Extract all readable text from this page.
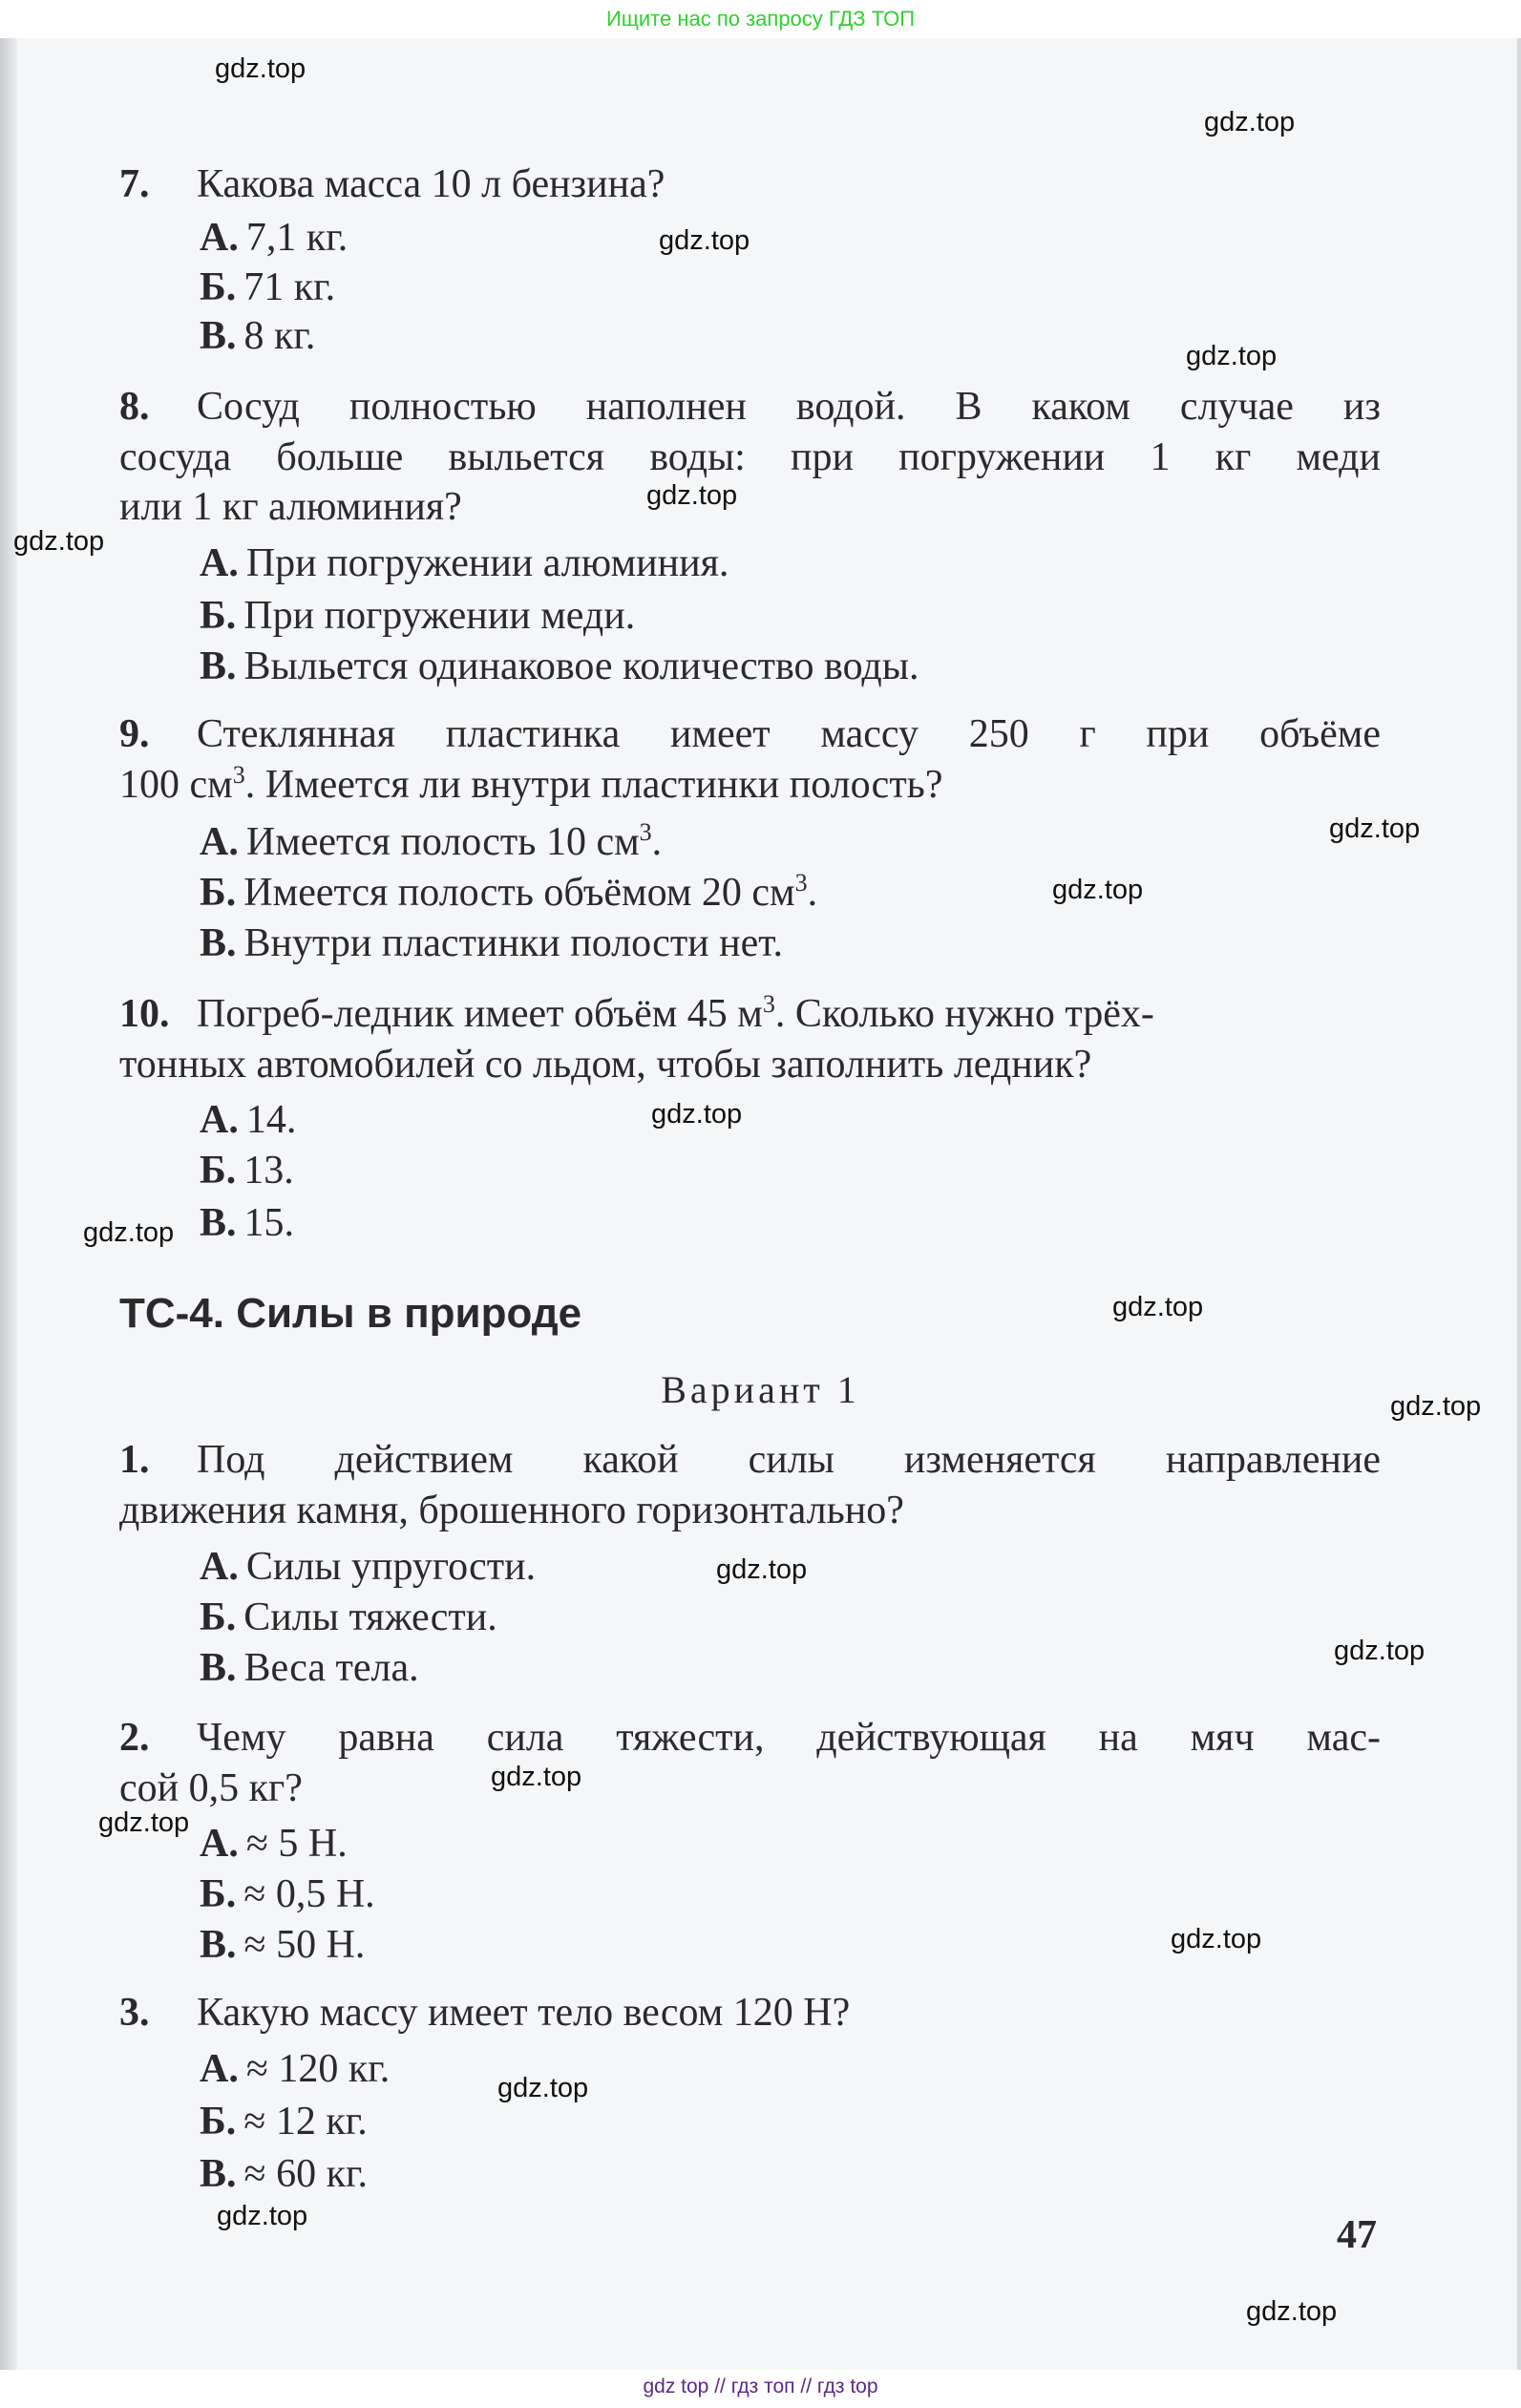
Ищите нас по запросу ГДЗ ТОП
7. Какова масса 10 л бензина?
А. 7,1 кг.
Б. 71 кг.
В. 8 кг.
8. Сосуд полностью наполнен водой. В каком случае из
сосуда больше выльется воды: при погружении 1 кг меди
или 1 кг алюминия?
А. При погружении алюминия.
Б. При погружении меди.
В. Выльется одинаковое количество воды.
9. Стеклянная пластинка имеет массу 250 г при объёме
100 $см^3$. Имеется ли внутри пластинки полость?
А. Имеется полость 10 $см^3$.
Б. Имеется полость объёмом 20 $см^3$.
В. Внутри пластинки полости нет.
10. Погреб-ледник имеет объём 45 $м^3$. Сколько нужно трёх-
тонных автомобилей со льдом, чтобы заполнить ледник?
А. 14.
Б. 13.
В. 15.
ТС-4. Силы в природе
Вариант 1
1. Под действием какой силы изменяется направление
движения камня, брошенного горизонтально?
А. Силы упругости.
Б. Силы тяжести.
В. Веса тела.
2. Чему равна сила тяжести, действующая на мяч мас-
сой 0,5 кг?
А. ≈ 5 Н.
Б. ≈ 0,5 Н.
В. ≈ 50 Н.
3. Какую массу имеет тело весом 120 Н?
А. ≈ 120 кг.
Б. ≈ 12 кг.
В. ≈ 60 кг.
47
gdz.top
gdz.top
gdz.top
gdz.top
gdz.top
gdz.top
gdz.top
gdz.top
gdz.top
gdz.top
gdz.top
gdz.top
gdz.top
gdz.top
gdz.top
gdz.top
gdz.top
gdz.top
gdz.top
gdz.top
gdz top // гдз топ // гдз top
